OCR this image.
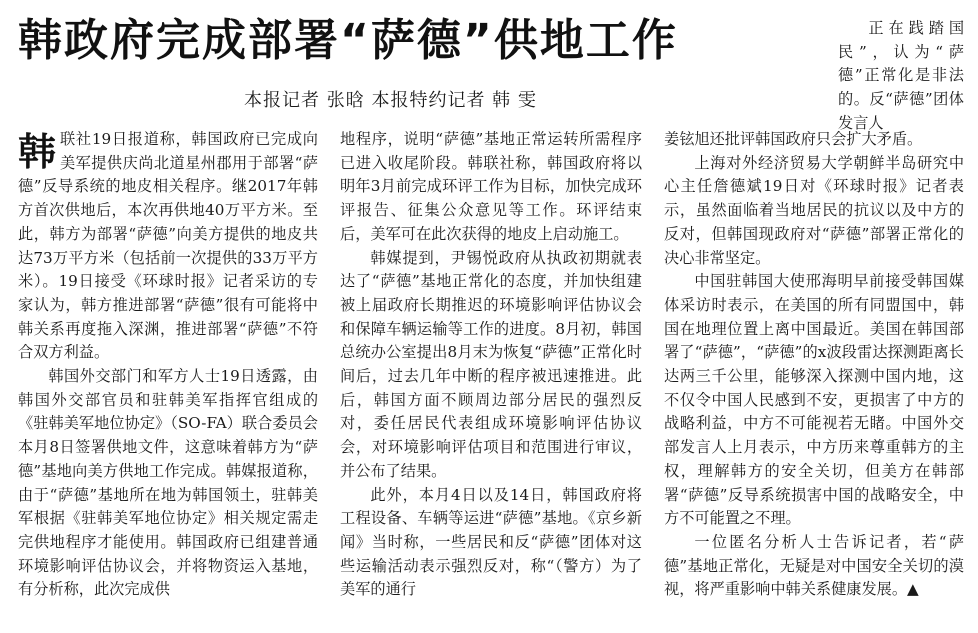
韩政府完成部署“萨德”供地工作
本报记者 张晗 本报特约记者 韩 雯

正在践踏国民”，认为“萨德”正常化是非法的。反“萨德”团体发言人

韩 联社19日报道称，韩国政府已完成向美军提供庆尚北道星州郡用于部署“萨德”反导系统的地皮相关程序。继2017年韩方首次供地后，本次再供地40万平方米。至此，韩方为部署“萨德”向美方提供的地皮共达73万平方米（包括前一次提供的33万平方米）。19日接受《环球时报》记者采访的专家认为，韩方推进部署“萨德”很有可能将中韩关系再度拖入深渊，推进部署“萨德”不符合双方利益。

韩国外交部门和军方人士19日透露，由韩国外交部官员和驻韩美军指挥官组成的《驻韩美军地位协定》（SO-FA）联合委员会本月8日签署供地文件，这意味着韩方为“萨德”基地向美方供地工作完成。韩媒报道称，由于“萨德”基地所在地为韩国领土，驻韩美军根据《驻韩美军地位协定》相关规定需走完供地程序才能使用。韩国政府已组建普通环境影响评估协议会，并将物资运入基地，有分析称，此次完成供

地程序，说明“萨德”基地正常运转所需程序已进入收尾阶段。韩联社称，韩国政府将以明年3月前完成环评工作为目标，加快完成环评报告、征集公众意见等工作。环评结束后，美军可在此次获得的地皮上启动施工。

韩媒提到，尹锡悦政府从执政初期就表达了“萨德”基地正常化的态度，并加快组建被上届政府长期推迟的环境影响评估协议会和保障车辆运输等工作的进度。8月初，韩国总统办公室提出8月末为恢复“萨德”正常化时间后，过去几年中断的程序被迅速推进。此后，韩国方面不顾周边部分居民的强烈反对，委任居民代表组成环境影响评估协议会，对环境影响评估项目和范围进行审议，并公布了结果。

此外，本月4日以及14日，韩国政府将工程设备、车辆等运进“萨德”基地。《京乡新闻》当时称，一些居民和反“萨德”团体对这些运输活动表示强烈反对，称“（警方）为了美军的通行

姜铉旭还批评韩国政府只会扩大矛盾。

上海对外经济贸易大学朝鲜半岛研究中心主任詹德斌19日对《环球时报》记者表示，虽然面临着当地居民的抗议以及中方的反对，但韩国现政府对“萨德”部署正常化的决心非常坚定。

中国驻韩国大使邢海明早前接受韩国媒体采访时表示，在美国的所有同盟国中，韩国在地理位置上离中国最近。美国在韩国部署了“萨德”，“萨德”的x波段雷达探测距离长达两三千公里，能够深入探测中国内地，这不仅令中国人民感到不安，更损害了中方的战略利益，中方不可能视若无睹。中国外交部发言人上月表示，中方历来尊重韩方的主权，理解韩方的安全关切，但美方在韩部署“萨德”反导系统损害中国的战略安全，中方不可能置之不理。

一位匿名分析人士告诉记者，若“萨德”基地正常化，无疑是对中国安全关切的漠视，将严重影响中韩关系健康发展。▲
